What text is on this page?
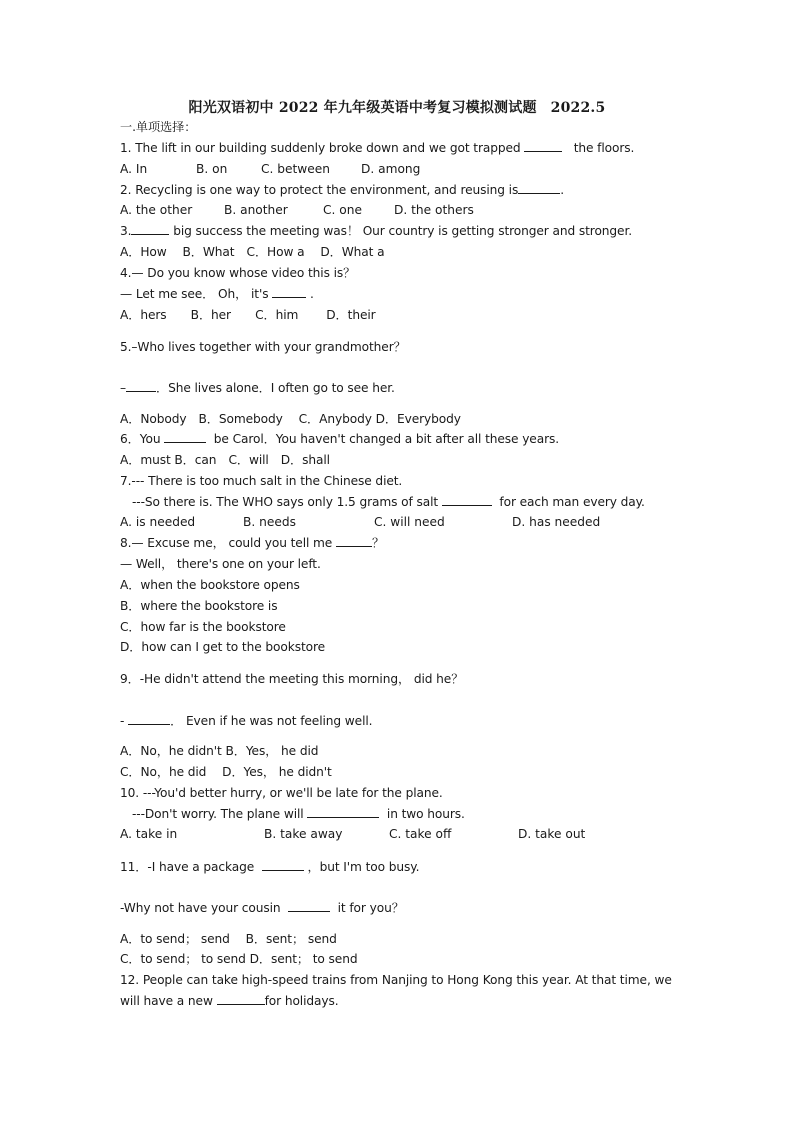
阳光双语初中 2022 年九年级英语中考复习模拟测试题 2022.5
一.单项选择：
1. The lift in our building suddenly broke down and we got trapped	the floors.
A. In	B. on	C. between	D. among
2. Recycling is one way to protect the environment, and reusing is	.
A. the other	B. another	C. one	D. the others
3.	big success the meeting was！ Our country is getting stronger and stronger.
A．How　 B．What　C．How a　 D．What a
4.— Do you know whose video this is？
— Let me see． Oh， it's	.
A．hers　　B．her　　C．him　　 D．their
5.–Who lives together with your grandmother？
– ．She lives alone．I often go to see her.
A．Nobody　B．Somebody　 C．Anybody D．Everybody
6．You	be Carol．You haven't changed a bit after all these years.
A．must B．can　C．will　D．shall
7.--- There is too much salt in the Chinese diet.
---So there is. The WHO says only 1.5 grams of salt	for each man every day.
A. is needed	B. needs	C. will need	D. has needed
8.— Excuse me， could you tell me	？
— Well， there's one on your left.
A．when the bookstore opens
B．where the bookstore is
C．how far is the bookstore
D．how can I get to the bookstore
9．-He didn't attend the meeting this morning， did he？
-	． Even if he was not feeling well.
A．No，he didn't B．Yes， he did
C．No，he did　 D．Yes， he didn't
10. ---You'd better hurry, or we'll be late for the plane.
---Don't worry. The plane will	in two hours.
A. take in	B. take away	C. take off	D. take out
11．-I have a package	，but I'm too busy.
-Why not have your cousin	it for you？
A．to send； send　 B．sent； send
C．to send； to send D．sent； to send
12. People can take high-speed trains from Nanjing to Hong Kong this year. At that time, we
will have a new	for holidays.
